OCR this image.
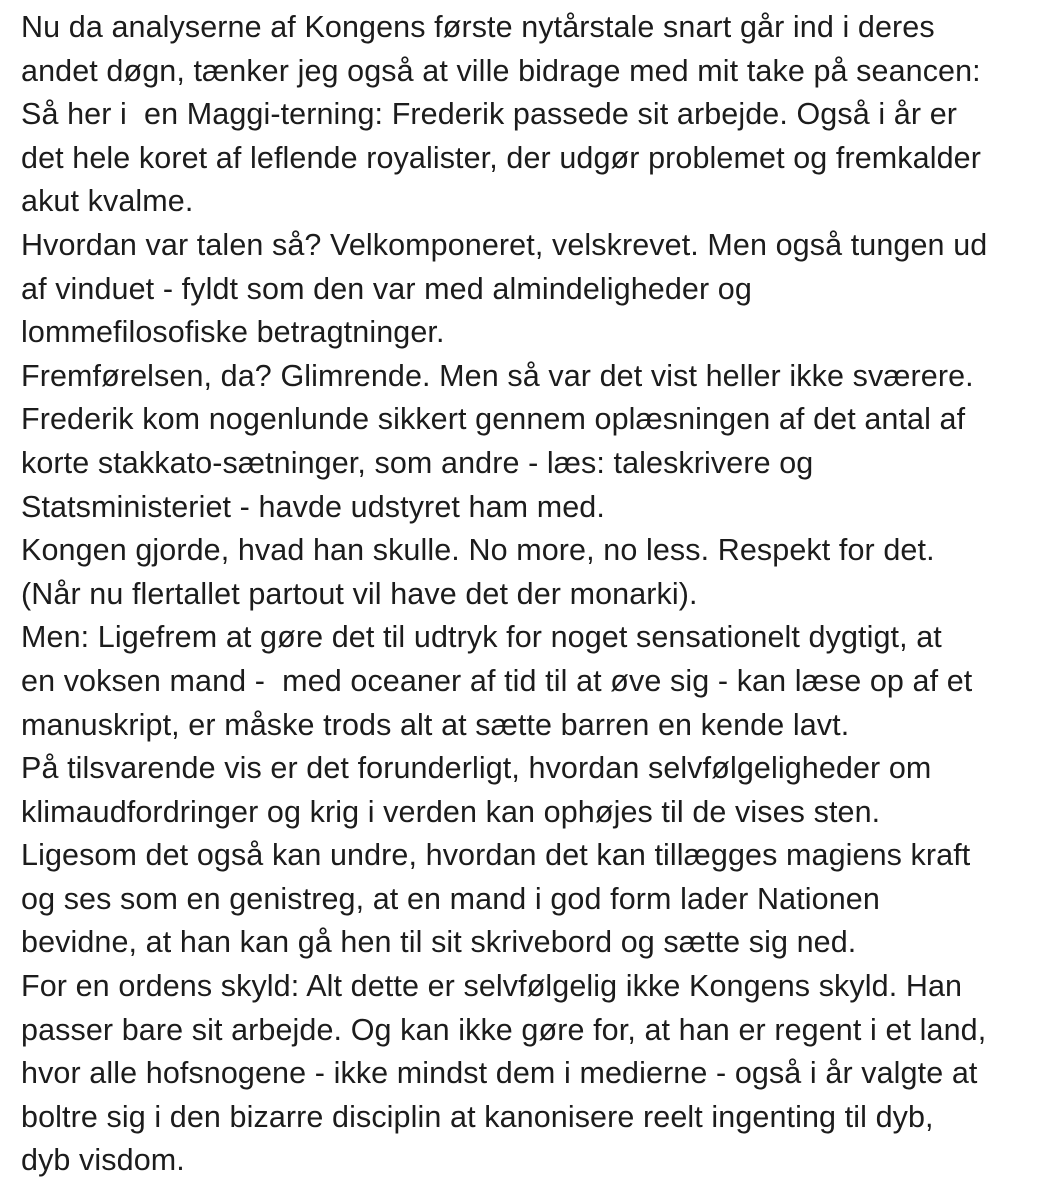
Nu da analyserne af Kongens første nytårstale snart går ind i deres
andet døgn, tænker jeg også at ville bidrage med mit take på seancen:
Så her i  en Maggi-terning: Frederik passede sit arbejde. Også i år er
det hele koret af leflende royalister, der udgør problemet og fremkalder
akut kvalme.
Hvordan var talen så? Velkomponeret, velskrevet. Men også tungen ud
af vinduet - fyldt som den var med almindeligheder og
lommefilosofiske betragtninger.
Fremførelsen, da? Glimrende. Men så var det vist heller ikke sværere.
Frederik kom nogenlunde sikkert gennem oplæsningen af det antal af
korte stakkato-sætninger, som andre - læs: taleskrivere og
Statsministeriet - havde udstyret ham med.
Kongen gjorde, hvad han skulle. No more, no less. Respekt for det.
(Når nu flertallet partout vil have det der monarki).
Men: Ligefrem at gøre det til udtryk for noget sensationelt dygtigt, at
en voksen mand -  med oceaner af tid til at øve sig - kan læse op af et
manuskript, er måske trods alt at sætte barren en kende lavt.
På tilsvarende vis er det forunderligt, hvordan selvfølgeligheder om
klimaudfordringer og krig i verden kan ophøjes til de vises sten.
Ligesom det også kan undre, hvordan det kan tillægges magiens kraft
og ses som en genistreg, at en mand i god form lader Nationen
bevidne, at han kan gå hen til sit skrivebord og sætte sig ned.
For en ordens skyld: Alt dette er selvfølgelig ikke Kongens skyld. Han
passer bare sit arbejde. Og kan ikke gøre for, at han er regent i et land,
hvor alle hofsnogene - ikke mindst dem i medierne - også i år valgte at
boltre sig i den bizarre disciplin at kanonisere reelt ingenting til dyb,
dyb visdom.
